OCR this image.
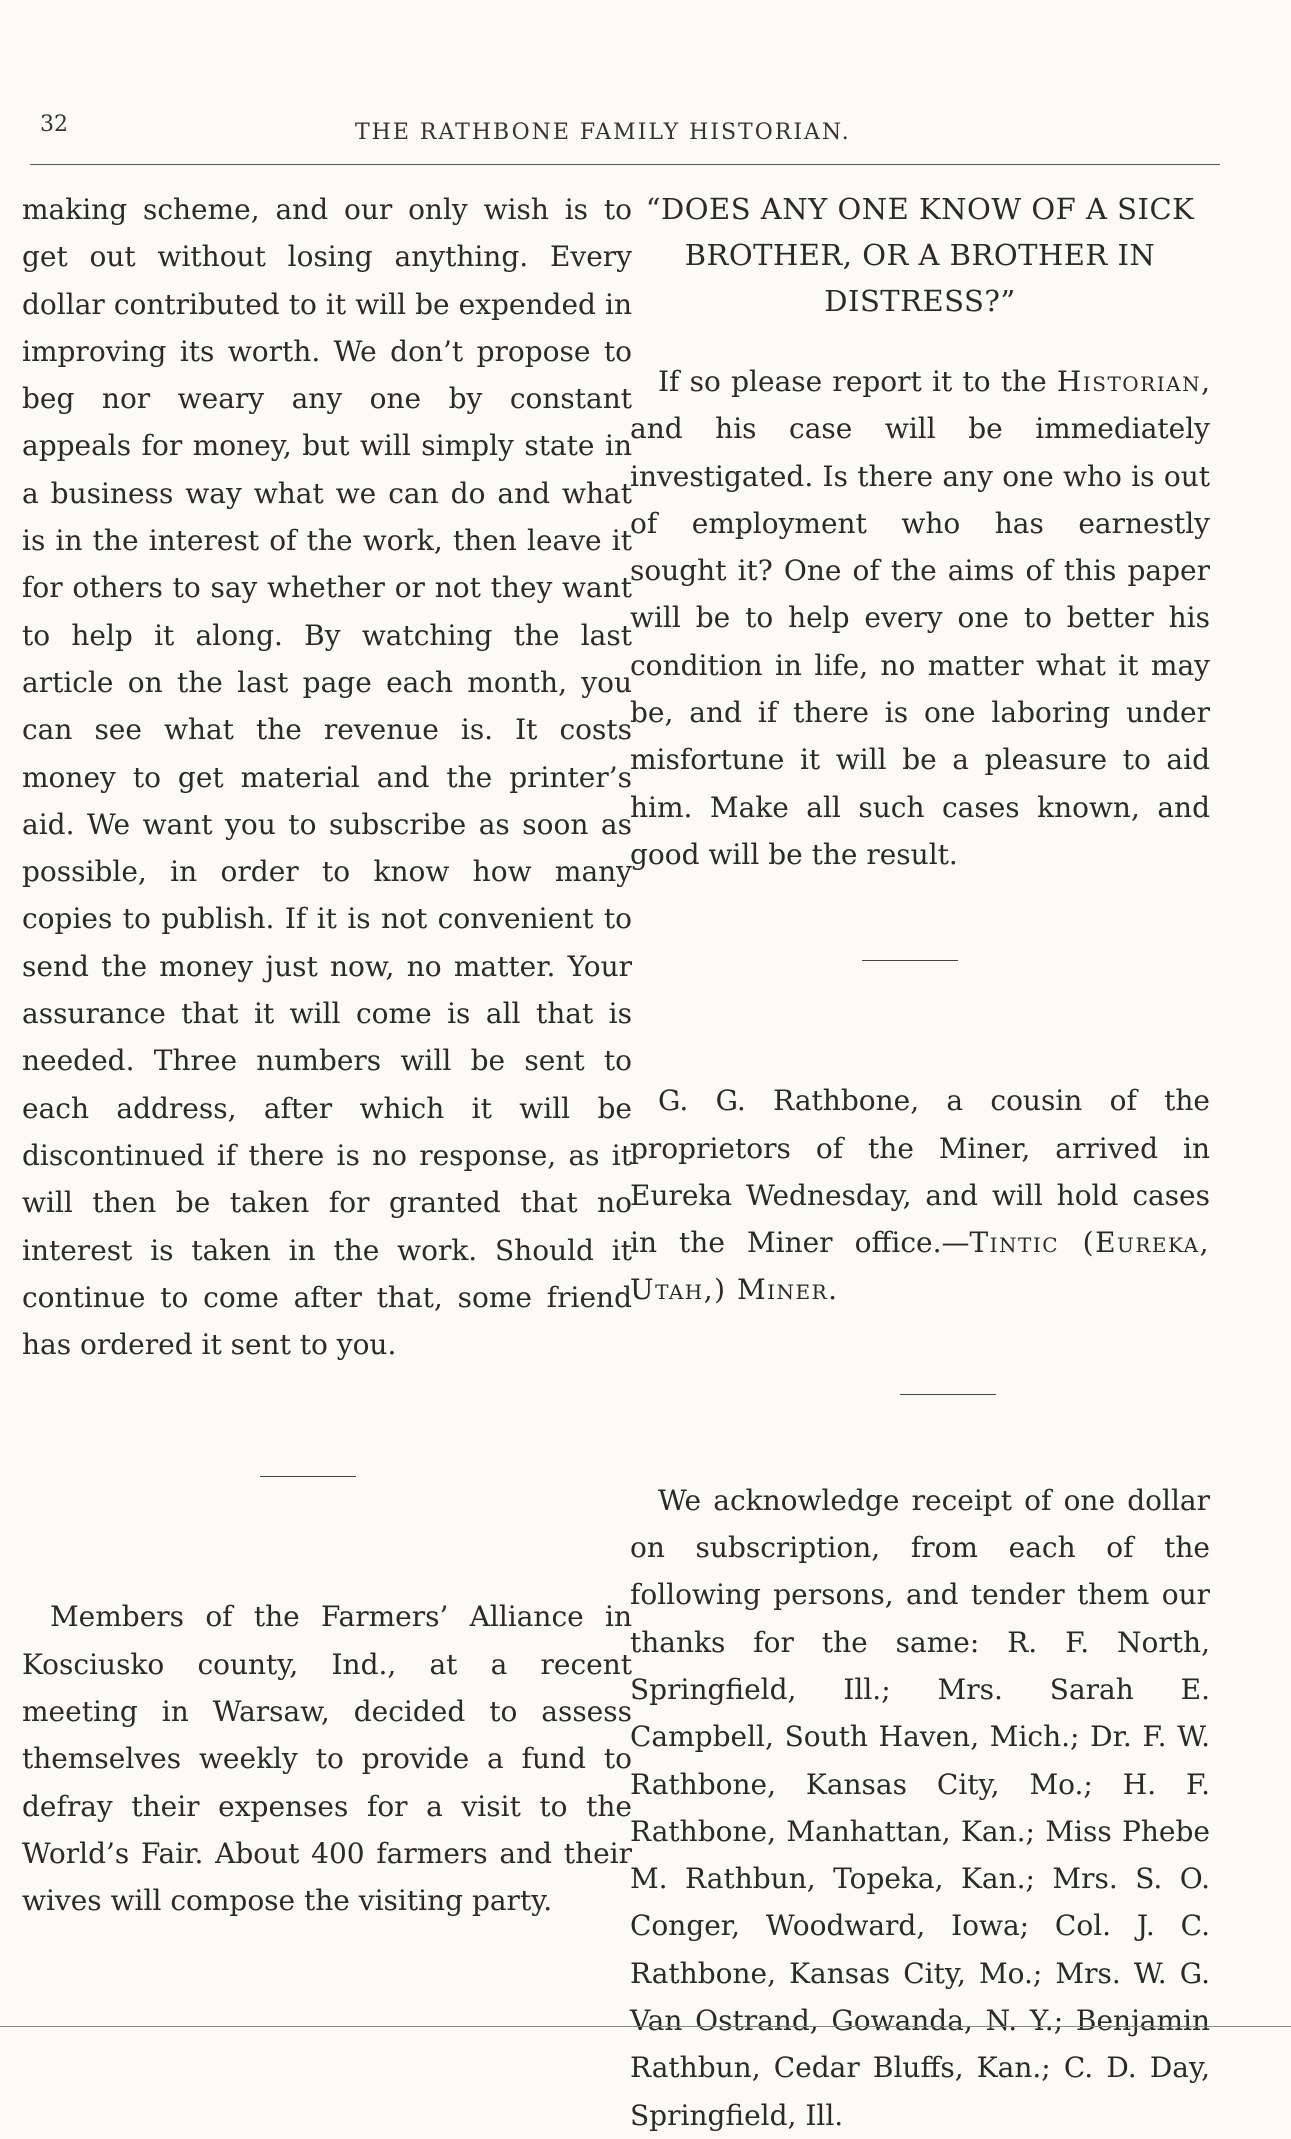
32	THE RATHBONE FAMILY HISTORIAN.

making scheme, and our only wish is to get out without losing anything. Every dollar contributed to it will be expended in improving its worth. We don’t propose to beg nor weary any one by constant appeals for money, but will simply state in a business way what we can do and what is in the interest of the work, then leave it for others to say whether or not they want to help it along. By watching the last article on the last page each month, you can see what the revenue is. It costs money to get material and the printer’s aid. We want you to subscribe as soon as possible, in order to know how many copies to publish. If it is not convenient to send the money just now, no matter. Your assurance that it will come is all that is needed. Three numbers will be sent to each address, after which it will be discontinued if there is no response, as it will then be taken for granted that no interest is taken in the work. Should it continue to come after that, some friend has ordered it sent to you.

Members of the Farmers’ Alliance in Kosciusko county, Ind., at a recent meeting in Warsaw, decided to assess themselves weekly to provide a fund to defray their expenses for a visit to the World’s Fair. About 400 farmers and their wives will compose the visiting party.

“DOES ANY ONE KNOW OF A SICK BROTHER, OR A BROTHER IN DISTRESS?”

If so please report it to the Historian, and his case will be immediately investigated. Is there any one who is out of employment who has earnestly sought it? One of the aims of this paper will be to help every one to better his condition in life, no matter what it may be, and if there is one laboring under misfortune it will be a pleasure to aid him. Make all such cases known, and good will be the result.

G. G. Rathbone, a cousin of the proprietors of the Miner, arrived in Eureka Wednesday, and will hold cases in the Miner office.—Tintic (Eureka, Utah,) Miner.

We acknowledge receipt of one dollar on subscription, from each of the following persons, and tender them our thanks for the same: R. F. North, Springfield, Ill.; Mrs. Sarah E. Campbell, South Haven, Mich.; Dr. F. W. Rathbone, Kansas City, Mo.; H. F. Rathbone, Manhattan, Kan.; Miss Phebe M. Rathbun, Topeka, Kan.; Mrs. S. O. Conger, Woodward, Iowa; Col. J. C. Rathbone, Kansas City, Mo.; Mrs. W. G. Van Ostrand, Gowanda, N. Y.; Benjamin Rathbun, Cedar Bluffs, Kan.; C. D. Day, Springfield, Ill.
